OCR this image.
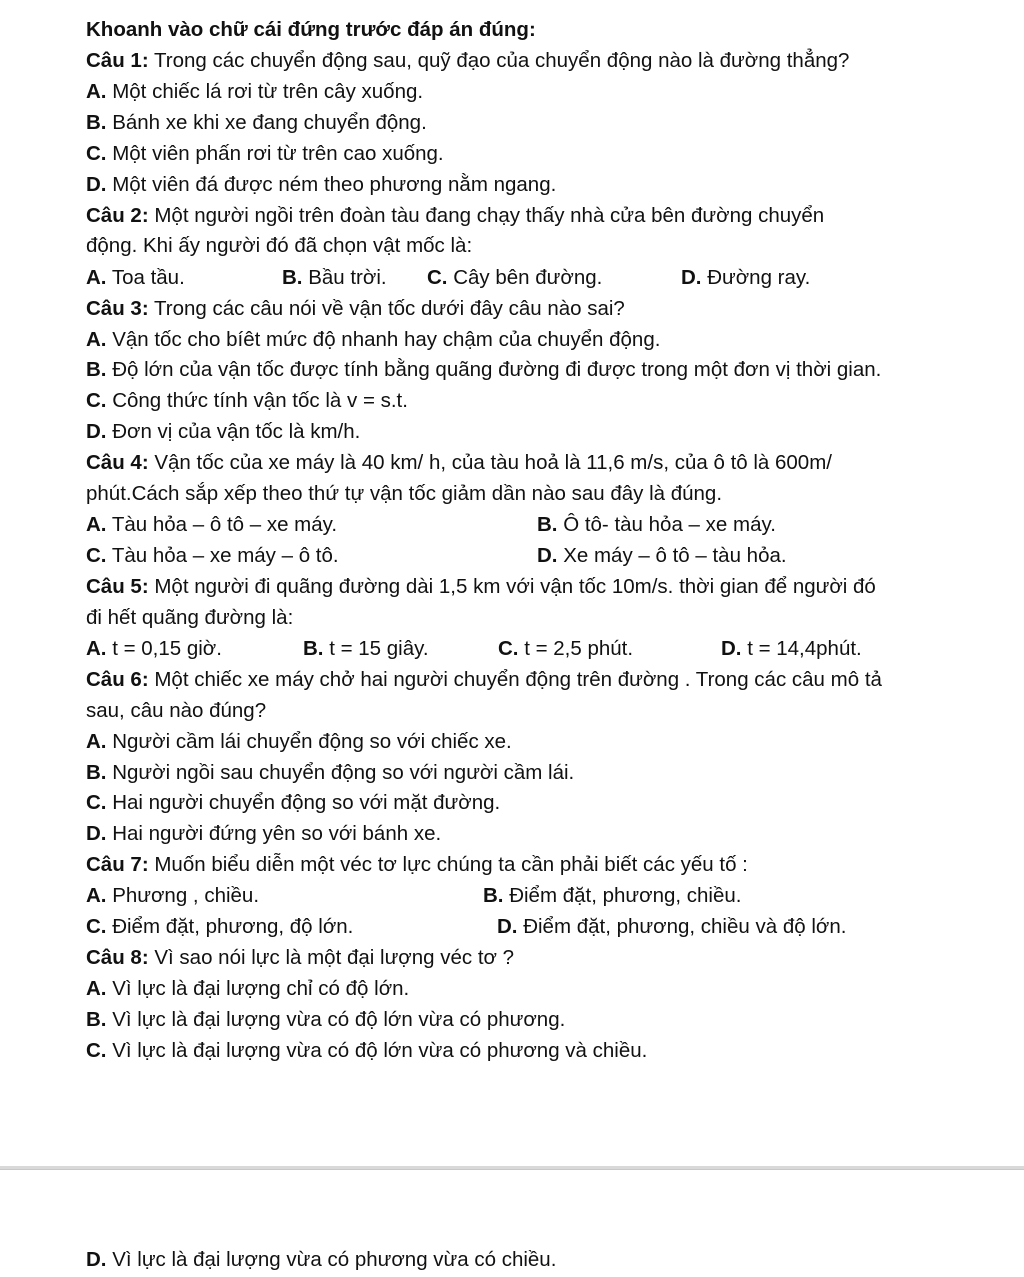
Khoanh vào chữ cái đứng trước đáp án đúng:
Câu 1: Trong các chuyển động sau, quỹ đạo của chuyển động nào là đường thẳng?
A. Một chiếc lá rơi từ trên cây xuống.
B. Bánh xe khi xe đang chuyển động.
C. Một viên phấn rơi từ trên cao xuống.
D. Một viên đá được ném theo phương nằm ngang.
Câu 2: Một người ngồi trên đoàn tàu đang chạy thấy nhà cửa bên đường chuyển
động. Khi ấy người đó đã chọn vật mốc là:
A. Toa tầu.	B. Bầu trời. C. Cây bên đường.	D. Đường ray.
Câu 3: Trong các câu nói về vận tốc dưới đây câu nào sai?
A. Vận tốc cho bíêt mức độ nhanh hay chậm của chuyển động.
B. Độ lớn của vận tốc được tính bằng quãng đường đi được trong một đơn vị thời gian.
C. Công thức tính vận tốc là v = s.t.
D. Đơn vị của vận tốc là km/h.
Câu 4: Vận tốc của xe máy là 40 km/ h, của tàu hoả là 11,6 m/s, của ô tô là 600m/
phút.Cách sắp xếp theo thứ tự vận tốc giảm dần nào sau đây là đúng.
A. Tàu hỏa – ô tô – xe máy.	B. Ô tô- tàu hỏa – xe máy.
C. Tàu hỏa – xe máy – ô tô.	D. Xe máy – ô tô – tàu hỏa.
Câu 5: Một người đi quãng đường dài 1,5 km với vận tốc 10m/s. thời gian để người đó
đi hết quãng đường là:
A. t = 0,15 giờ.	B. t = 15 giây.	C. t = 2,5 phút.	D. t = 14,4phút.
Câu 6: Một chiếc xe máy chở hai người chuyển động trên đường . Trong các câu mô tả
sau, câu nào đúng?
A. Người cầm lái chuyển động so với chiếc xe.
B. Người ngồi sau chuyển động so với người cầm lái.
C. Hai người chuyển động so với mặt đường.
D. Hai người đứng yên so với bánh xe.
Câu 7: Muốn biểu diễn một véc tơ lực chúng ta cần phải biết các yếu tố :
A. Phương , chiều.	B. Điểm đặt, phương, chiều.
C. Điểm đặt, phương, độ lớn.	D. Điểm đặt, phương, chiều và độ lớn.
Câu 8: Vì sao nói lực là một đại lượng véc tơ ?
A. Vì lực là đại lượng chỉ có độ lớn.
B. Vì lực là đại lượng vừa có độ lớn vừa có phương.
C. Vì lực là đại lượng vừa có độ lớn vừa có phương và chiều.
D. Vì lực là đại lượng vừa có phương vừa có chiều.
